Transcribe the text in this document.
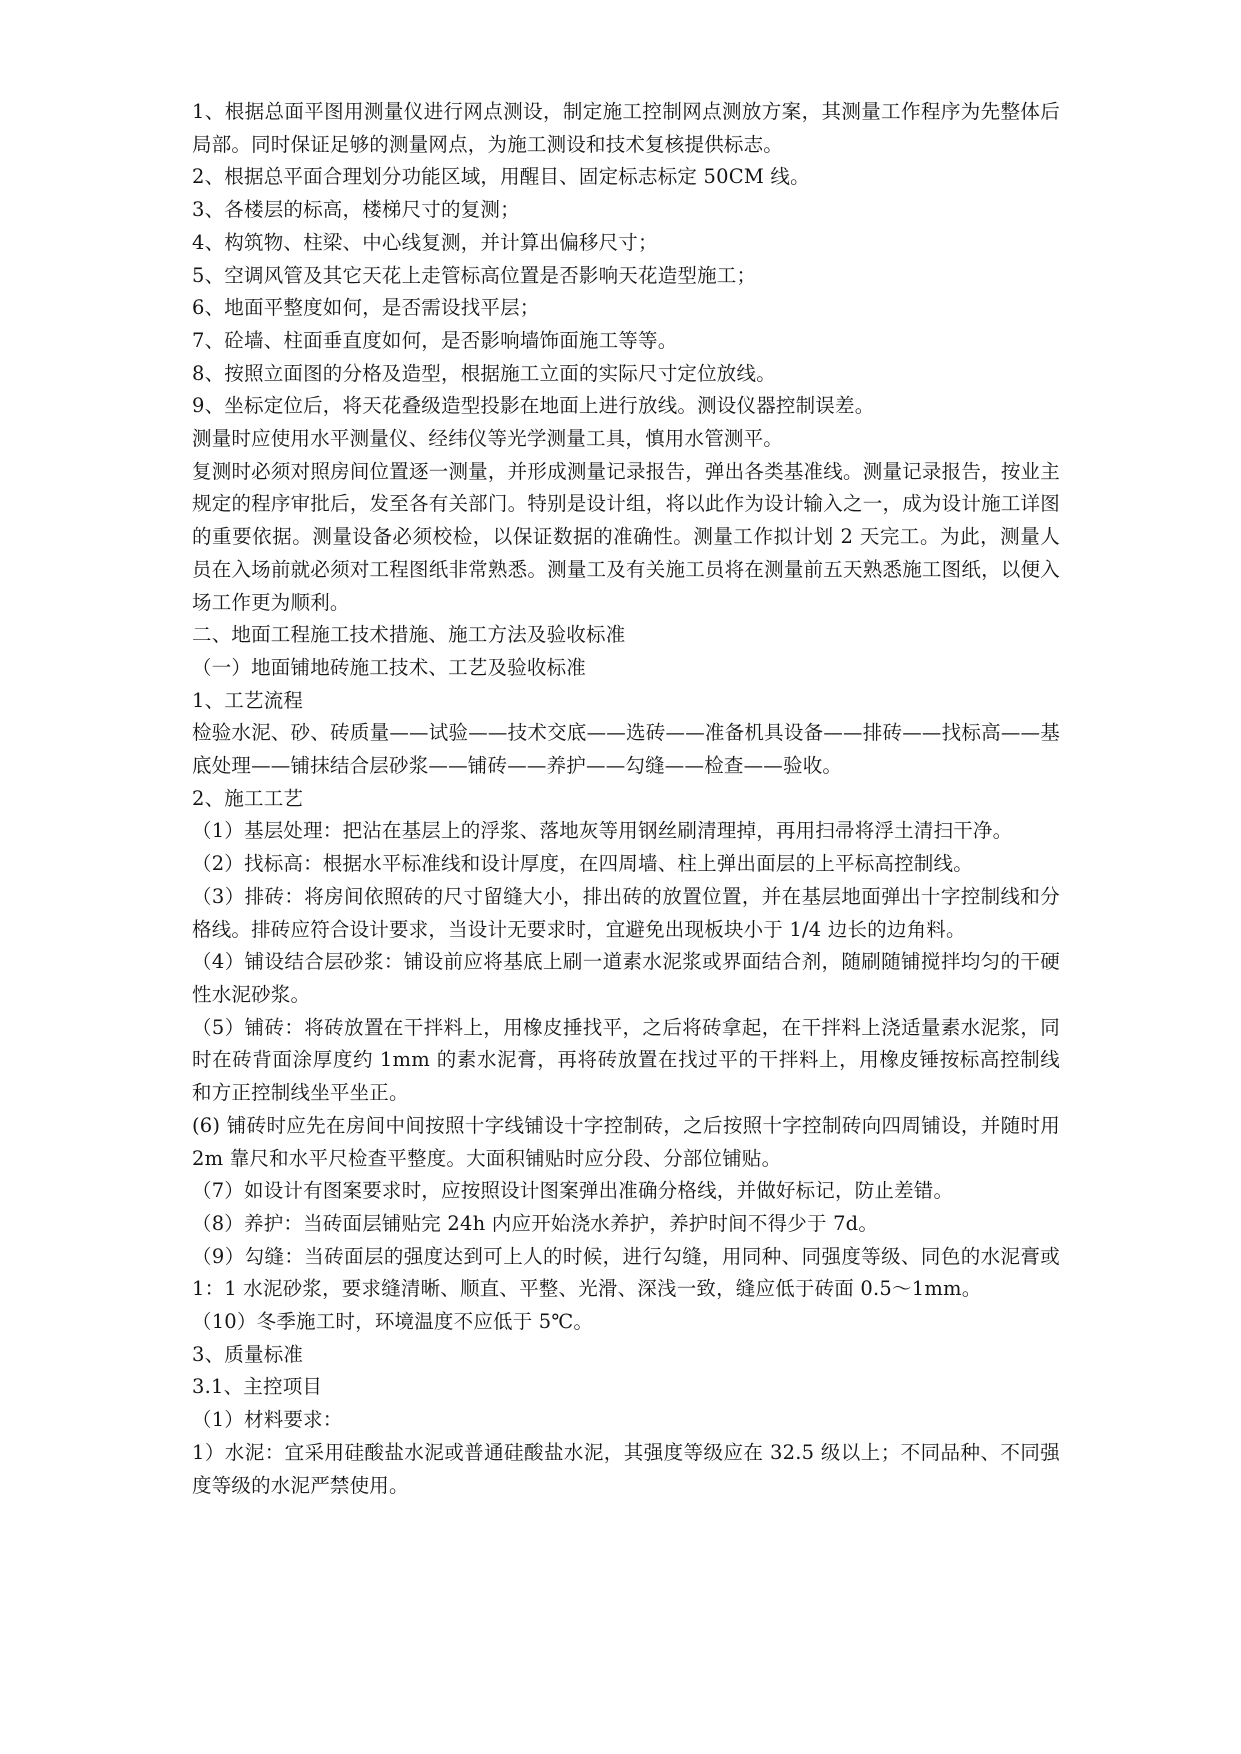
1、根据总面平图用测量仪进行网点测设，制定施工控制网点测放方案，其测量工作程序为先整体后局部。同时保证足够的测量网点，为施工测设和技术复核提供标志。

2、根据总平面合理划分功能区域，用醒目、固定标志标定 50CM 线。

3、各楼层的标高，楼梯尺寸的复测；

4、构筑物、柱梁、中心线复测，并计算出偏移尺寸；

5、空调风管及其它天花上走管标高位置是否影响天花造型施工；

6、地面平整度如何，是否需设找平层；

7、砼墙、柱面垂直度如何，是否影响墙饰面施工等等。

8、按照立面图的分格及造型，根据施工立面的实际尺寸定位放线。

9、坐标定位后，将天花叠级造型投影在地面上进行放线。测设仪器控制误差。

测量时应使用水平测量仪、经纬仪等光学测量工具，慎用水管测平。

复测时必须对照房间位置逐一测量，并形成测量记录报告，弹出各类基准线。测量记录报告，按业主规定的程序审批后，发至各有关部门。特别是设计组，将以此作为设计输入之一，成为设计施工详图的重要依据。测量设备必须校检，以保证数据的准确性。测量工作拟计划 2 天完工。为此，测量人员在入场前就必须对工程图纸非常熟悉。测量工及有关施工员将在测量前五天熟悉施工图纸，以便入场工作更为顺利。

二、地面工程施工技术措施、施工方法及验收标准

（一）地面铺地砖施工技术、工艺及验收标准

1、工艺流程

检验水泥、砂、砖质量——试验——技术交底——选砖——准备机具设备——排砖——找标高——基底处理——铺抹结合层砂浆——铺砖——养护——勾缝——检查——验收。

2、施工工艺

（1）基层处理：把沾在基层上的浮浆、落地灰等用钢丝刷清理掉，再用扫帚将浮土清扫干净。

（2）找标高：根据水平标准线和设计厚度，在四周墙、柱上弹出面层的上平标高控制线。

（3）排砖：将房间依照砖的尺寸留缝大小，排出砖的放置位置，并在基层地面弹出十字控制线和分格线。排砖应符合设计要求，当设计无要求时，宜避免出现板块小于 1/4 边长的边角料。

（4）铺设结合层砂浆：铺设前应将基底上刷一道素水泥浆或界面结合剂，随刷随铺搅拌均匀的干硬性水泥砂浆。

（5）铺砖：将砖放置在干拌料上，用橡皮捶找平，之后将砖拿起，在干拌料上浇适量素水泥浆，同时在砖背面涂厚度约 1mm 的素水泥膏，再将砖放置在找过平的干拌料上，用橡皮锤按标高控制线和方正控制线坐平坐正。

(6) 铺砖时应先在房间中间按照十字线铺设十字控制砖，之后按照十字控制砖向四周铺设，并随时用 2m 靠尺和水平尺检查平整度。大面积铺贴时应分段、分部位铺贴。

（7）如设计有图案要求时，应按照设计图案弹出准确分格线，并做好标记，防止差错。

（8）养护：当砖面层铺贴完 24h 内应开始浇水养护，养护时间不得少于 7d。

（9）勾缝：当砖面层的强度达到可上人的时候，进行勾缝，用同种、同强度等级、同色的水泥膏或 1：1 水泥砂浆，要求缝清晰、顺直、平整、光滑、深浅一致，缝应低于砖面 0.5～1mm。

（10）冬季施工时，环境温度不应低于 5℃。

3、质量标准

3.1、主控项目

（1）材料要求：

1）水泥：宜采用硅酸盐水泥或普通硅酸盐水泥，其强度等级应在 32.5 级以上；不同品种、不同强度等级的水泥严禁使用。
